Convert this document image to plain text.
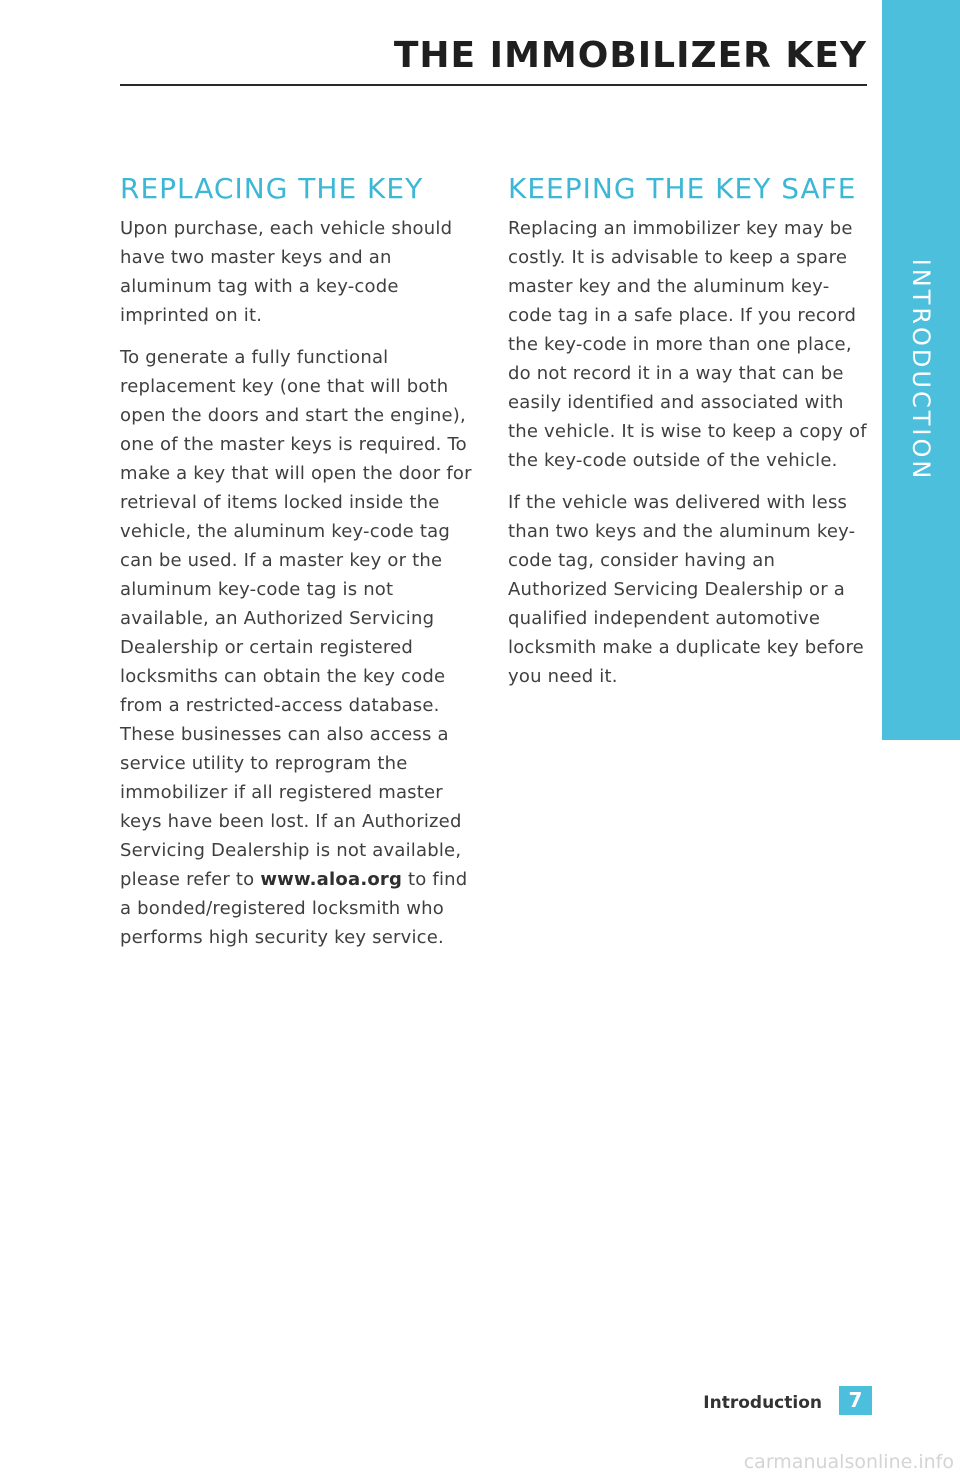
THE IMMOBILIZER KEY
INTRODUCTION
REPLACING THE KEY

Upon purchase, each vehicle should have two master keys and an aluminum tag with a key-code imprinted on it.

To generate a fully functional replacement key (one that will both open the doors and start the engine), one of the master keys is required. To make a key that will open the door for retrieval of items locked inside the vehicle, the aluminum key-code tag can be used. If a master key or the aluminum key-code tag is not available, an Authorized Servicing Dealership or certain registered locksmiths can obtain the key code from a restricted-access database. These businesses can also access a service utility to reprogram the immobilizer if all registered master keys have been lost. If an Authorized Servicing Dealership is not available, please refer to www.aloa.org to find a bonded/registered locksmith who performs high security key service.

KEEPING THE KEY SAFE

Replacing an immobilizer key may be costly. It is advisable to keep a spare master key and the aluminum key-code tag in a safe place. If you record the key-code in more than one place, do not record it in a way that can be easily identified and associated with the vehicle. It is wise to keep a copy of the key-code outside of the vehicle.

If the vehicle was delivered with less than two keys and the aluminum key-code tag, consider having an Authorized Servicing Dealership or a qualified independent automotive locksmith make a duplicate key before you need it.

Introduction	7
carmanualsonline.info
